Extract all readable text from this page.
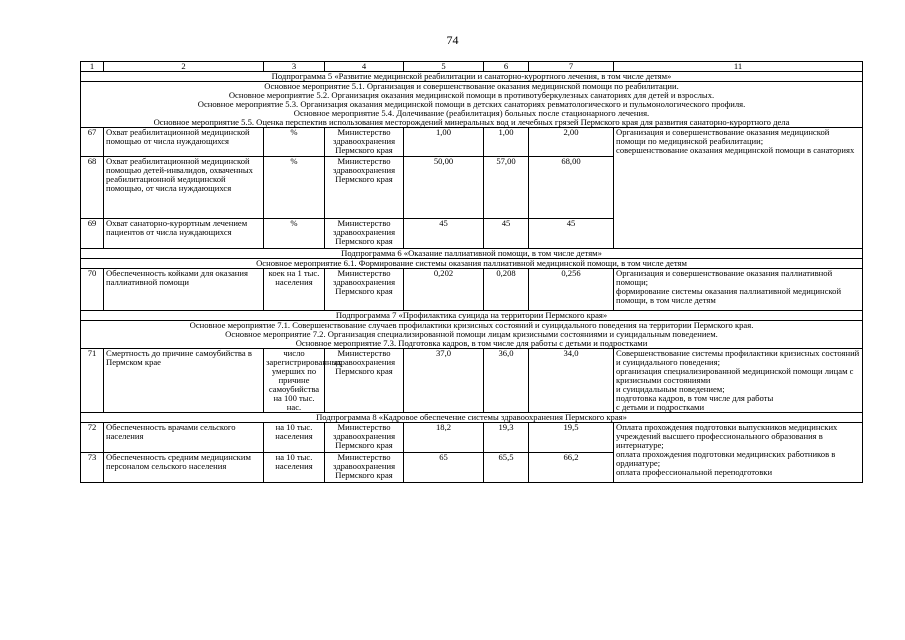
74
1	2	3	4	5	6	7	11
Подпрограмма 5 «Развитие медицинской реабилитации и санаторно-курортного лечения, в том числе детям»							
Основное мероприятие 5.1. Организация и совершенствование оказания медицинской помощи по реабилитации.
Основное мероприятие 5.2. Организация оказания медицинской помощи в противотуберкулезных санаториях для детей и взрослых.
Основное мероприятие 5.3. Организация оказания медицинской помощи в детских санаториях ревматологического и пульмонологического профиля.
Основное мероприятие 5.4. Долечивание (реабилитация) больных после стационарного лечения.
Основное мероприятие 5.5. Оценка перспектив использования месторождений минеральных вод и лечебных грязей Пермского края для развития санаторно-курортного дела							
67	Охват реабилитационной медицинской помощью от числа нуждающихся	%	Министерство здравоохранения Пермского края	1,00	1,00	2,00	Организация и совершенствование оказания медицинской помощи по медицинской реабилитации;
совершенствование оказания медицинской помощи в санаториях
68	Охват реабилитационной медицинской помощью детей-инвалидов, охваченных реабилитационной медицинской помощью, от числа нуждающихся	%	Министерство здравоохранения Пермского края	50,00	57,00	68,00	
69	Охват санаторно-курортным лечением пациентов от числа нуждающихся	%	Министерство здравоохранения Пермского края	45	45	45	
Подпрограмма 6 «Оказание паллиативной помощи, в том числе детям»							
Основное мероприятие 6.1. Формирование системы оказания паллиативной медицинской помощи, в том числе детям							
70	Обеспеченность койками для оказания паллиативной помощи	коек на 1 тыс. населения	Министерство здравоохранения Пермского края	0,202	0,208	0,256	Организация и совершенствование оказания паллиативной помощи;
формирование системы оказания паллиативной медицинской помощи, в том числе детям
Подпрограмма 7 «Профилактика суицида на территории Пермского края»							
Основное мероприятие 7.1. Совершенствование случаев профилактики кризисных состояний и суицидального поведения на территории Пермского края.
Основное мероприятие 7.2. Организация специализированной помощи лицам кризисными состояниями и суицидальным поведением.
Основное мероприятие 7.3. Подготовка кадров, в том числе для работы с детьми и подростками							
71	Смертность до причине самоубийства в Пермском крае	число зарегистрированных умерших по причине самоубийства на 100 тыс. нас.	Министерство здравоохранения Пермского края	37,0	36,0	34,0	Совершенствование системы профилактики кризисных состояний и суицидального поведения;
организация специализированной медицинской помощи лицам с кризисными состояниями
и суицидальным поведением;
подготовка кадров, в том числе для работы
с детьми и подростками
Подпрограмма 8 «Кадровое обеспечение системы здравоохранения Пермского края»							
72	Обеспеченность врачами сельского населения	на 10 тыс. населения	Министерство здравоохранения Пермского края	18,2	19,3	19,5	Оплата прохождения подготовки выпускников медицинских учреждений высшего профессионального образования в интернатуре;
оплата прохождения подготовки медицинских работников в ординатуре;
оплата профессиональной переподготовки
73	Обеспеченность средним медицинским персоналом сельского населения	на 10 тыс. населения	Министерство здравоохранения Пермского края	65	65,5	66,2	
